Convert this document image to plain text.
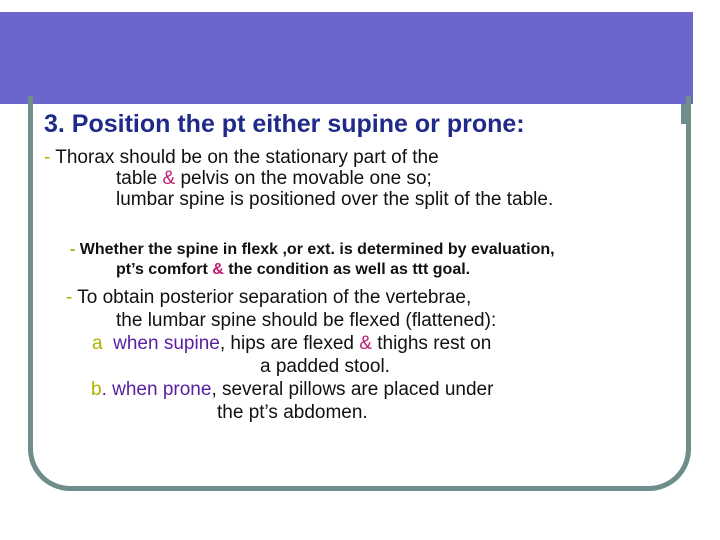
3. Position the pt either supine or prone:
- Thorax should be on the stationary part of the
table & pelvis on the movable one so;
lumbar spine is positioned over the split of the table.
- Whether the spine in flexk ,or ext. is determined by evaluation,
pt’s comfort & the condition as well as ttt goal.
- To obtain posterior separation of the vertebrae,
the lumbar spine should be flexed (flattened):
a when supine, hips are flexed & thighs rest on
a padded stool.
b. when prone, several pillows are placed under
the pt’s abdomen.
